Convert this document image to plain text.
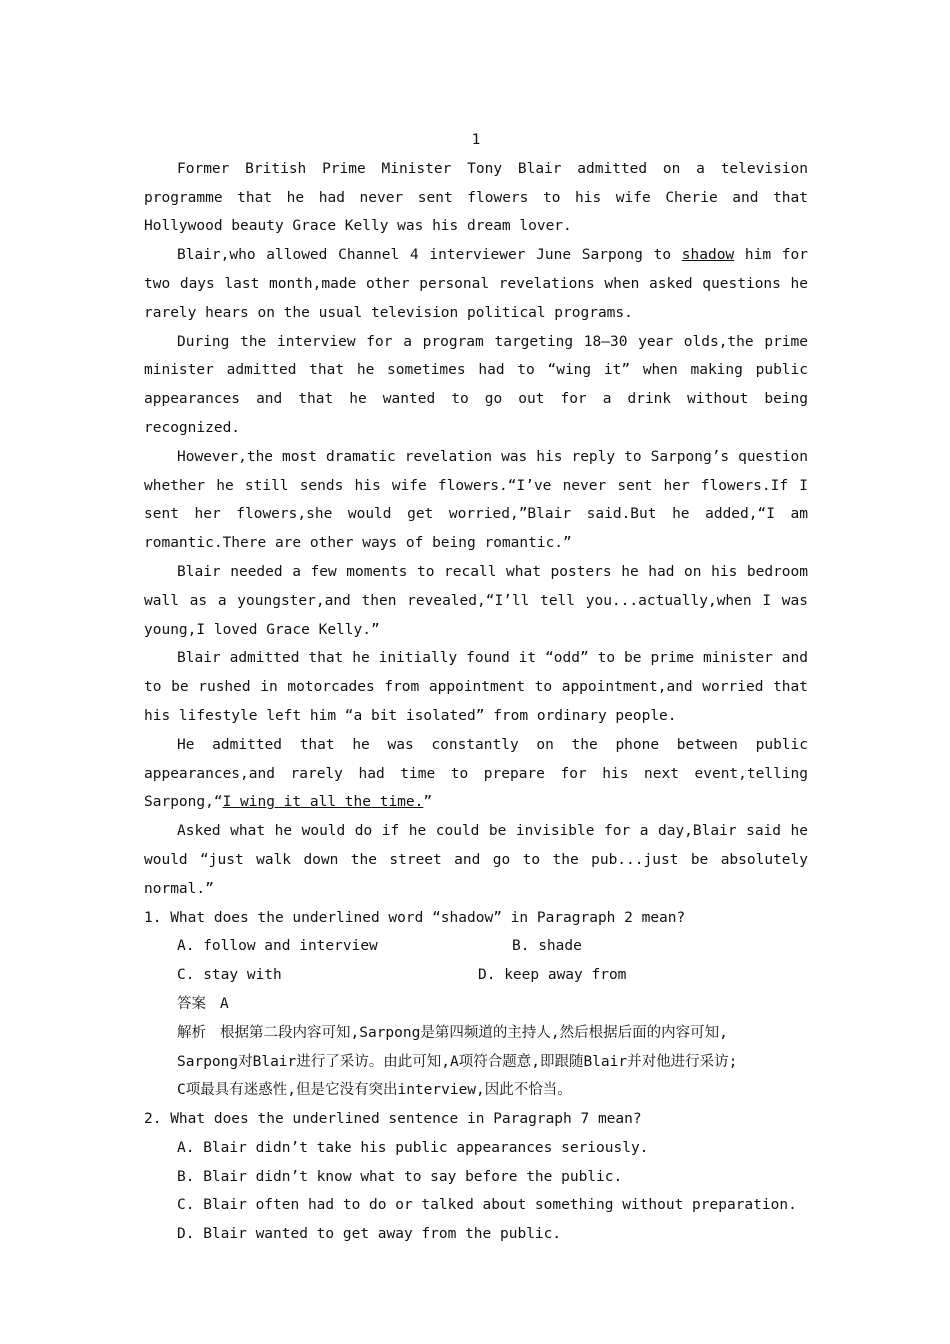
1

Former British Prime Minister Tony Blair admitted on a television programme that he had never sent flowers to his wife Cherie and that Hollywood beauty Grace Kelly was his dream lover.

Blair,who allowed Channel 4 interviewer June Sarpong to shadow him for two days last month,made other personal revelations when asked questions he rarely hears on the usual television political programs.

During the interview for a program targeting 18—30 year olds,the prime minister admitted that he sometimes had to “wing it” when making public appearances and that he wanted to go out for a drink without being recognized.

However,the most dramatic revelation was his reply to Sarpong’s question whether he still sends his wife flowers.“I’ve never sent her flowers.If I sent her flowers,she would get worried,”Blair said.But he added,“I am romantic.There are other ways of being romantic.”

Blair needed a few moments to recall what posters he had on his bedroom wall as a youngster,and then revealed,“I’ll tell you...actually,when I was young,I loved Grace Kelly.”

Blair admitted that he initially found it “odd” to be prime minister and to be rushed in motorcades from appointment to appointment,and worried that his lifestyle left him “a bit isolated” from ordinary people.

He admitted that he was constantly on the phone between public appearances,and rarely had time to prepare for his next event,telling Sarpong,“I wing it all the time.”

Asked what he would do if he could be invisible for a day,Blair said he would “just walk down the street and go to the pub...just be absolutely normal.”

1. What does the underlined word “shadow” in Paragraph 2 mean?

A. follow and interview	B. shade
C. stay with	D. keep away from

答案 A

解析 根据第二段内容可知,Sarpong是第四频道的主持人,然后根据后面的内容可知,
Sarpong对Blair进行了采访。由此可知,A项符合题意,即跟随Blair并对他进行采访;
C项最具有迷惑性,但是它没有突出interview,因此不恰当。

2. What does the underlined sentence in Paragraph 7 mean?

A. Blair didn’t take his public appearances seriously.

B. Blair didn’t know what to say before the public.

C. Blair often had to do or talked about something without preparation.

D. Blair wanted to get away from the public.
